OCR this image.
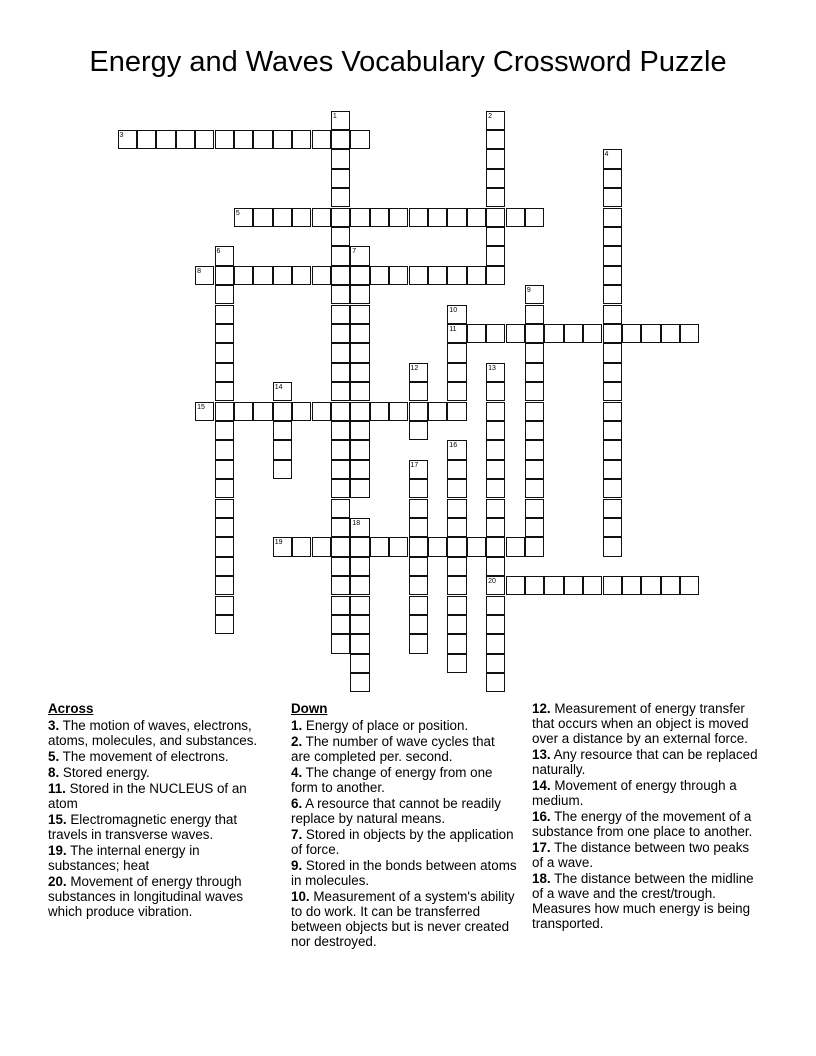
Energy and Waves Vocabulary Crossword Puzzle
1	2
3
4
5
6	7
8
9
10
11
12	13
20
14
15
16
17
18
19
Across
3. The motion of waves, electrons, atoms, molecules, and substances.
5. The movement of electrons.
8. Stored energy.
11. Stored in the NUCLEUS of an atom
15. Electromagnetic energy that travels in transverse waves.
19. The internal energy in substances; heat
20. Movement of energy through substances in longitudinal waves which produce vibration.
Down
1. Energy of place or position.
2. The number of wave cycles that are completed per. second.
4. The change of energy from one form to another.
6. A resource that cannot be readily replace by natural means.
7. Stored in objects by the application of force.
9. Stored in the bonds between atoms in molecules.
10. Measurement of a system's ability to do work. It can be transferred between objects but is never created nor destroyed.
12. Measurement of energy transfer that occurs when an object is moved over a distance by an external force.
13. Any resource that can be replaced naturally.
14. Movement of energy through a medium.
16. The energy of the movement of a substance from one place to another.
17. The distance between two peaks of a wave.
18. The distance between the midline of a wave and the crest/trough. Measures how much energy is being transported.
